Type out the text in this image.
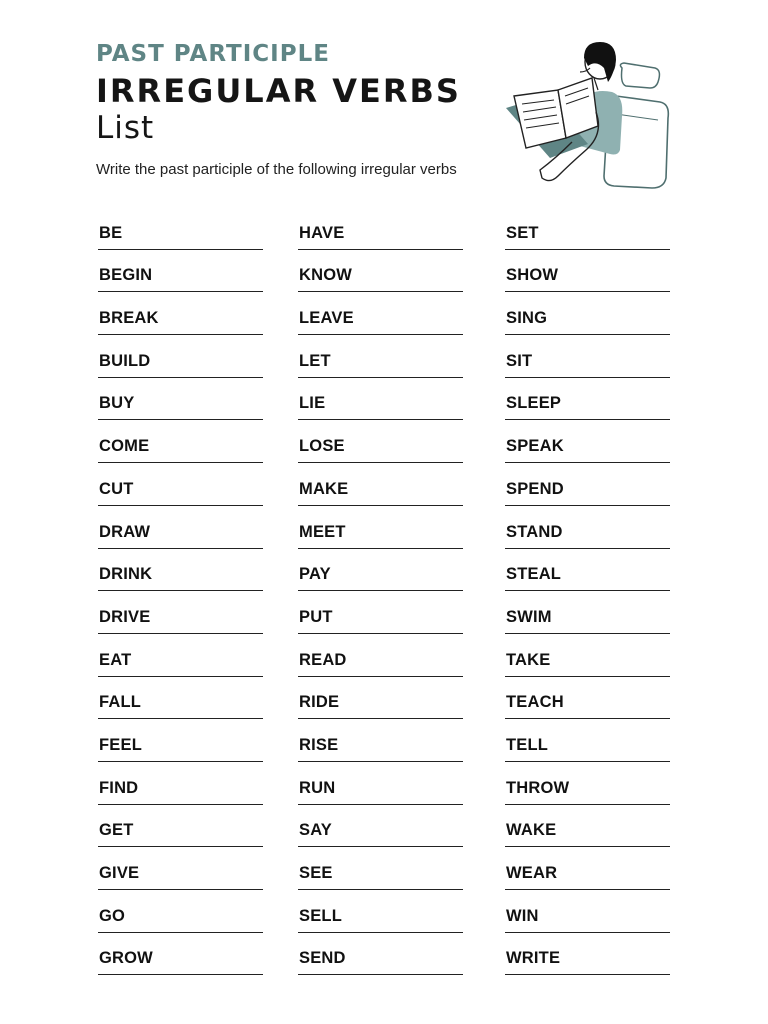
PAST PARTICIPLE
IRREGULAR VERBS
List
Write the past participle of the following irregular verbs
BE
BEGIN
BREAK
BUILD
BUY
COME
CUT
DRAW
DRINK
DRIVE
EAT
FALL
FEEL
FIND
GET
GIVE
GO
GROW
HAVE
KNOW
LEAVE
LET
LIE
LOSE
MAKE
MEET
PAY
PUT
READ
RIDE
RISE
RUN
SAY
SEE
SELL
SEND
SET
SHOW
SING
SIT
SLEEP
SPEAK
SPEND
STAND
STEAL
SWIM
TAKE
TEACH
TELL
THROW
WAKE
WEAR
WIN
WRITE
